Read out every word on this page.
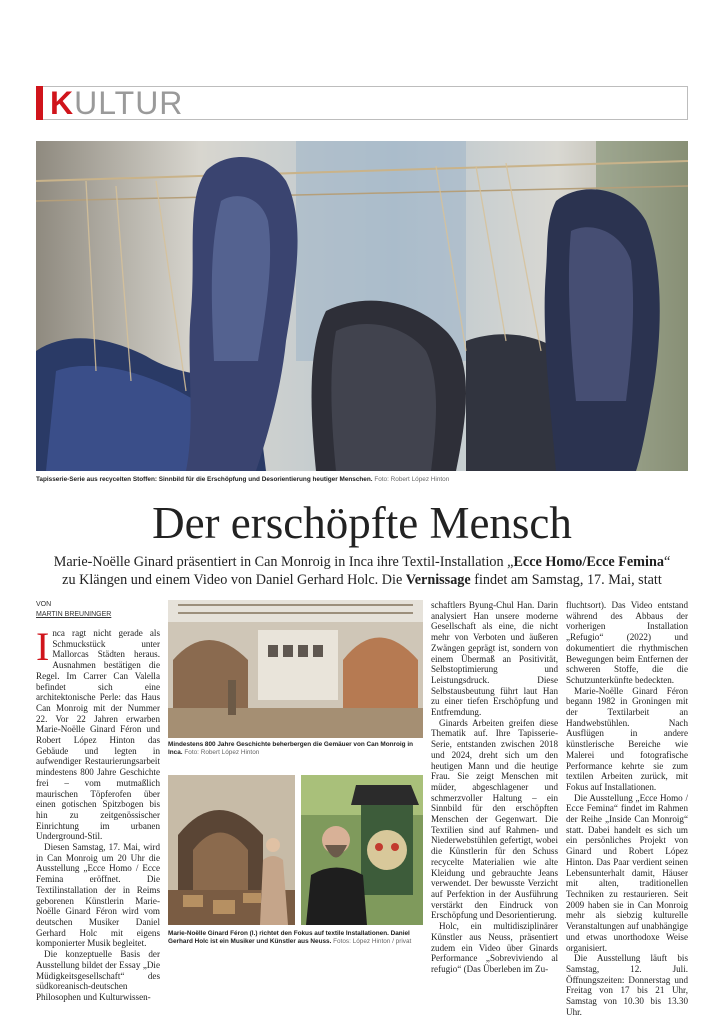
KULTUR
Tapisserie-Serie aus recycelten Stoffen: Sinnbild für die Erschöpfung und Desorientierung heutiger Menschen. Foto: Robert López Hinton
Der erschöpfte Mensch
Marie-Noëlle Ginard präsentiert in Can Monroig in Inca ihre Textil-Installation „Ecce Homo/Ecce Femina“
zu Klängen und einem Video von Daniel Gerhard Holc. Die Vernissage findet am Samstag, 17. Mai, statt
VON
MARTIN BREUNINGER

Inca ragt nicht gerade als Schmuckstück unter Mallorcas Städten heraus. Ausnahmen bestätigen die Regel. Im Carrer Can Valella befindet sich eine architektonische Perle: das Haus Can Monroig mit der Nummer 22. Vor 22 Jahren erwarben Marie-Noëlle Ginard Féron und Robert López Hinton das Gebäude und legten in aufwendiger Restaurierungsarbeit mindestens 800 Jahre Geschichte frei – vom mutmaßlich maurischen Töpferofen über einen gotischen Spitzbogen bis hin zu zeitgenössischer Einrichtung im urbanen Underground-Stil.

Diesen Samstag, 17. Mai, wird in Can Monroig um 20 Uhr die Ausstellung „Ecce Homo / Ecce Femina eröffnet. Die Textilinstallation der in Reims geborenen Künstlerin Marie-Noëlle Ginard Féron wird vom deutschen Musiker Daniel Gerhard Holc mit eigens komponierter Musik begleitet.

Die konzeptuelle Basis der Ausstellung bildet der Essay „Die Müdigkeitsgesellschaft“ des südkoreanisch-deutschen Philosophen und Kulturwissen-

Mindestens 800 Jahre Geschichte beherbergen die Gemäuer von Can Monroig in Inca. Foto: Robert López Hinton
Marie-Noëlle Ginard Féron (l.) richtet den Fokus auf textile Installationen. Daniel Gerhard Holc ist ein Musiker und Künstler aus Neuss. Fotos: López Hinton / privat

schaftlers Byung-Chul Han. Darin analysiert Han unsere moderne Gesellschaft als eine, die nicht mehr von Verboten und äußeren Zwängen geprägt ist, sondern von einem Übermaß an Positivität, Selbstoptimierung und Leistungsdruck. Diese Selbstausbeutung führt laut Han zu einer tiefen Erschöpfung und Entfremdung.

Ginards Arbeiten greifen diese Thematik auf. Ihre Tapisserie-Serie, entstanden zwischen 2018 und 2024, dreht sich um den heutigen Mann und die heutige Frau. Sie zeigt Menschen mit müder, abgeschlagener und schmerzvoller Haltung – ein Sinnbild für den erschöpften Menschen der Gegenwart. Die Textilien sind auf Rahmen- und Niederwebstühlen gefertigt, wobei die Künstlerin für den Schuss recycelte Materialien wie alte Kleidung und gebrauchte Jeans verwendet. Der bewusste Verzicht auf Perfektion in der Ausführung verstärkt den Eindruck von Erschöpfung und Desorientierung.

Holc, ein multidisziplinärer Künstler aus Neuss, präsentiert zudem ein Video über Ginards Performance „Sobreviviendo al refugio“ (Das Überleben im Zu-

fluchtsort). Das Video entstand während des Abbaus der vorherigen Installation „Refugio“ (2022) und dokumentiert die rhythmischen Bewegungen beim Entfernen der schweren Stoffe, die die Schutzunterkünfte bedeckten.

Marie-Noëlle Ginard Féron begann 1982 in Groningen mit der Textilarbeit an Handwebstühlen. Nach Ausflügen in andere künstlerische Bereiche wie Malerei und fotografische Performance kehrte sie zum textilen Arbeiten zurück, mit Fokus auf Installationen.

Die Ausstellung „Ecce Homo / Ecce Femina“ findet im Rahmen der Reihe „Inside Can Monroig“ statt. Dabei handelt es sich um ein persönliches Projekt von Ginard und Robert López Hinton. Das Paar verdient seinen Lebensunterhalt damit, Häuser mit alten, traditionellen Techniken zu restaurieren. Seit 2009 haben sie in Can Monroig mehr als siebzig kulturelle Veranstaltungen auf unabhängige und etwas unorthodoxe Weise organisiert.

Die Ausstellung läuft bis Samstag, 12. Juli. Öffnungszeiten: Donnerstag und Freitag von 17 bis 21 Uhr, Samstag von 10.30 bis 13.30 Uhr.
